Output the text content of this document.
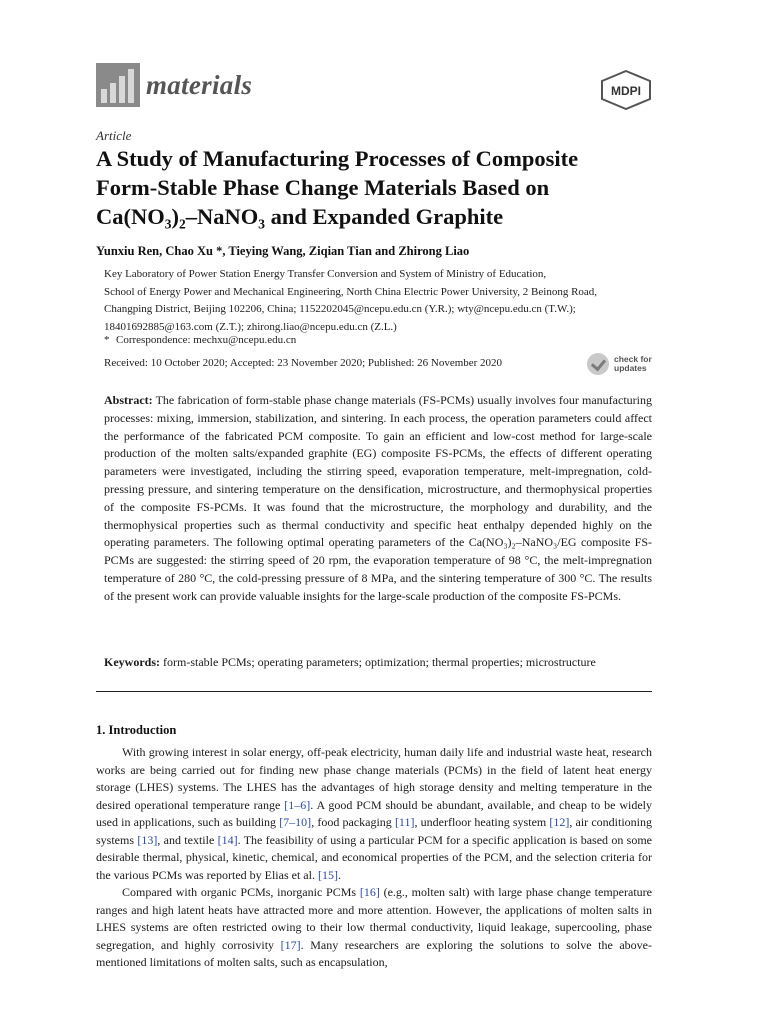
materials	MDPI
Article
A Study of Manufacturing Processes of Composite
Form-Stable Phase Change Materials Based on
Ca(NO₃)₂–NaNO₃ and Expanded Graphite
Yunxiu Ren, Chao Xu *, Tieying Wang, Ziqian Tian and Zhirong Liao
Key Laboratory of Power Station Energy Transfer Conversion and System of Ministry of Education,
School of Energy Power and Mechanical Engineering, North China Electric Power University, 2 Beinong Road,
Changping District, Beijing 102206, China; 1152202045@ncepu.edu.cn (Y.R.); wty@ncepu.edu.cn (T.W.);
18401692885@163.com (Z.T.); zhirong.liao@ncepu.edu.cn (Z.L.)
* Correspondence: mechxu@ncepu.edu.cn
Received: 10 October 2020; Accepted: 23 November 2020; Published: 26 November 2020	check for
updates
Abstract: The fabrication of form-stable phase change materials (FS-PCMs) usually involves four manufacturing processes: mixing, immersion, stabilization, and sintering. In each process, the operation parameters could affect the performance of the fabricated PCM composite. To gain an efficient and low-cost method for large-scale production of the molten salts/expanded graphite (EG) composite FS-PCMs, the effects of different operating parameters were investigated, including the stirring speed, evaporation temperature, melt-impregnation, cold-pressing pressure, and sintering temperature on the densification, microstructure, and thermophysical properties of the composite FS-PCMs. It was found that the microstructure, the morphology and durability, and the thermophysical properties such as thermal conductivity and specific heat enthalpy depended highly on the operating parameters. The following optimal operating parameters of the Ca(NO₃)₂–NaNO₃/EG composite FS-PCMs are suggested: the stirring speed of 20 rpm, the evaporation temperature of 98 °C, the melt-impregnation temperature of 280 °C, the cold-pressing pressure of 8 MPa, and the sintering temperature of 300 °C. The results of the present work can provide valuable insights for the large-scale production of the composite FS-PCMs.
Keywords: form-stable PCMs; operating parameters; optimization; thermal properties; microstructure
1. Introduction

With growing interest in solar energy, off-peak electricity, human daily life and industrial waste heat, research works are being carried out for finding new phase change materials (PCMs) in the field of latent heat energy storage (LHES) systems. The LHES has the advantages of high storage density and melting temperature in the desired operational temperature range [1–6]. A good PCM should be abundant, available, and cheap to be widely used in applications, such as building [7–10], food packaging [11], underfloor heating system [12], air conditioning systems [13], and textile [14]. The feasibility of using a particular PCM for a specific application is based on some desirable thermal, physical, kinetic, chemical, and economical properties of the PCM, and the selection criteria for the various PCMs was reported by Elias et al. [15].

Compared with organic PCMs, inorganic PCMs [16] (e.g., molten salt) with large phase change temperature ranges and high latent heats have attracted more and more attention. However, the applications of molten salts in LHES systems are often restricted owing to their low thermal conductivity, liquid leakage, supercooling, phase segregation, and highly corrosivity [17]. Many researchers are exploring the solutions to solve the above-mentioned limitations of molten salts, such as encapsulation,
